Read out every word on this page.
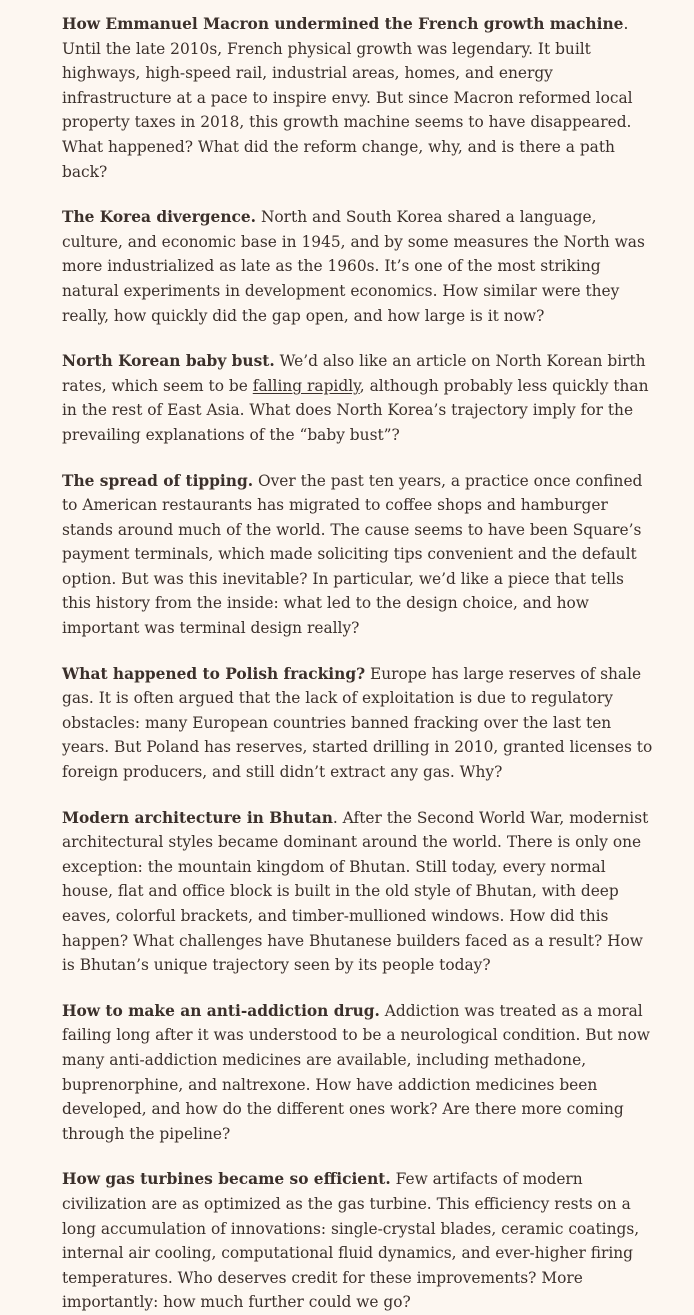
How Emmanuel Macron undermined the French growth machine. Until the late 2010s, French physical growth was legendary. It built highways, high-speed rail, industrial areas, homes, and energy infrastructure at a pace to inspire envy. But since Macron reformed local property taxes in 2018, this growth machine seems to have disappeared. What happened? What did the reform change, why, and is there a path back?

The Korea divergence. North and South Korea shared a language, culture, and economic base in 1945, and by some measures the North was more industrialized as late as the 1960s. It’s one of the most striking natural experiments in development economics. How similar were they really, how quickly did the gap open, and how large is it now?

North Korean baby bust. We’d also like an article on North Korean birth rates, which seem to be falling rapidly, although probably less quickly than in the rest of East Asia. What does North Korea’s trajectory imply for the prevailing explanations of the “baby bust”?

The spread of tipping. Over the past ten years, a practice once confined to American restaurants has migrated to coffee shops and hamburger stands around much of the world. The cause seems to have been Square’s payment terminals, which made soliciting tips convenient and the default option. But was this inevitable? In particular, we’d like a piece that tells this history from the inside: what led to the design choice, and how important was terminal design really?

What happened to Polish fracking? Europe has large reserves of shale gas. It is often argued that the lack of exploitation is due to regulatory obstacles: many European countries banned fracking over the last ten years. But Poland has reserves, started drilling in 2010, granted licenses to foreign producers, and still didn’t extract any gas. Why?

Modern architecture in Bhutan. After the Second World War, modernist architectural styles became dominant around the world. There is only one exception: the mountain kingdom of Bhutan. Still today, every normal house, flat and office block is built in the old style of Bhutan, with deep eaves, colorful brackets, and timber-mullioned windows. How did this happen? What challenges have Bhutanese builders faced as a result? How is Bhutan’s unique trajectory seen by its people today?

How to make an anti-addiction drug. Addiction was treated as a moral failing long after it was understood to be a neurological condition. But now many anti-addiction medicines are available, including methadone, buprenorphine, and naltrexone. How have addiction medicines been developed, and how do the different ones work? Are there more coming through the pipeline?

How gas turbines became so efficient. Few artifacts of modern civilization are as optimized as the gas turbine. This efficiency rests on a long accumulation of innovations: single-crystal blades, ceramic coatings, internal air cooling, computational fluid dynamics, and ever-higher firing temperatures. Who deserves credit for these improvements? More importantly: how much further could we go?
